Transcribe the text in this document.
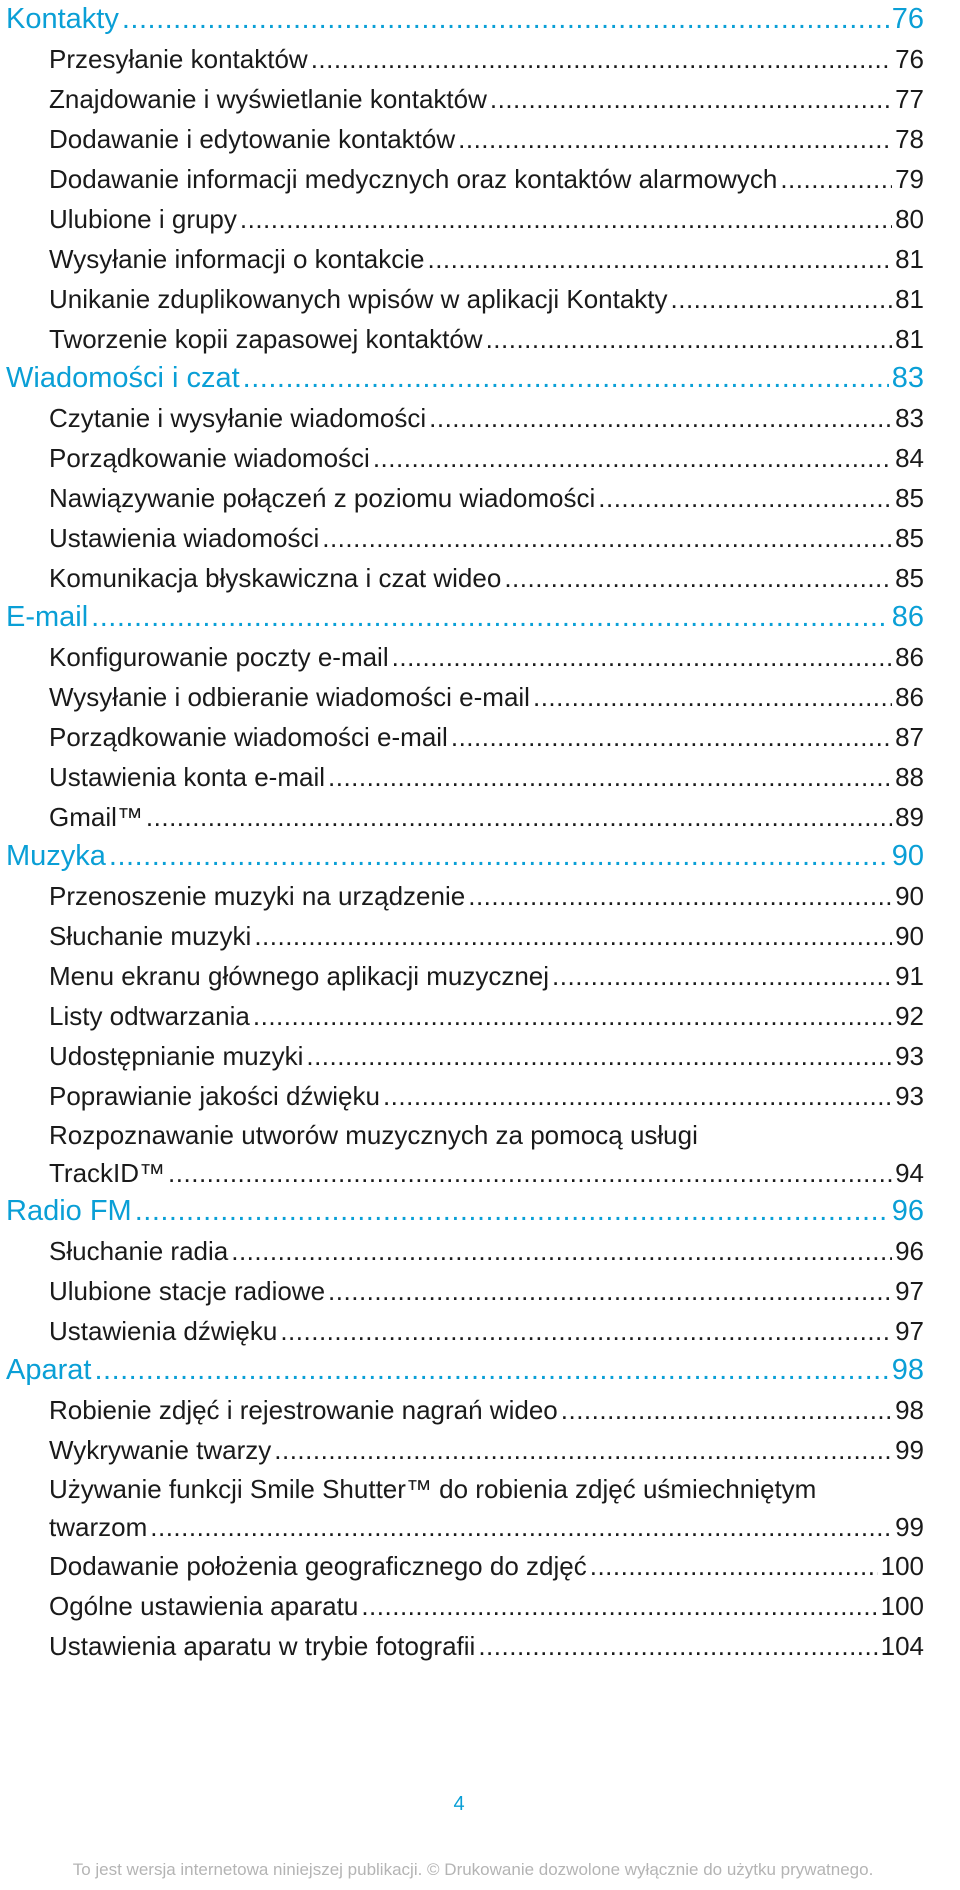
Kontakty .....	76
Przesyłanie kontaktów .....	76
Znajdowanie i wyświetlanie kontaktów .....	77
Dodawanie i edytowanie kontaktów .....	78
Dodawanie informacji medycznych oraz kontaktów alarmowych .....	79
Ulubione i grupy .....	80
Wysyłanie informacji o kontakcie .....	81
Unikanie zduplikowanych wpisów w aplikacji Kontakty .....	81
Tworzenie kopii zapasowej kontaktów .....	81
Wiadomości i czat .....	83
Czytanie i wysyłanie wiadomości .....	83
Porządkowanie wiadomości .....	84
Nawiązywanie połączeń z poziomu wiadomości .....	85
Ustawienia wiadomości .....	85
Komunikacja błyskawiczna i czat wideo .....	85
E-mail .....	86
Konfigurowanie poczty e-mail .....	86
Wysyłanie i odbieranie wiadomości e-mail .....	86
Porządkowanie wiadomości e-mail .....	87
Ustawienia konta e-mail .....	88
Gmail™ .....	89
Muzyka .....	90
Przenoszenie muzyki na urządzenie .....	90
Słuchanie muzyki .....	90
Menu ekranu głównego aplikacji muzycznej .....	91
Listy odtwarzania .....	92
Udostępnianie muzyki .....	93
Poprawianie jakości dźwięku .....	93
Rozpoznawanie utworów muzycznych za pomocą usługi
TrackID™ .....	94
Radio FM .....	96
Słuchanie radia .....	96
Ulubione stacje radiowe .....	97
Ustawienia dźwięku .....	97
Aparat .....	98
Robienie zdjęć i rejestrowanie nagrań wideo .....	98
Wykrywanie twarzy .....	99
Używanie funkcji Smile Shutter™ do robienia zdjęć uśmiechniętym
twarzom .....	99
Dodawanie położenia geograficznego do zdjęć .....	100
Ogólne ustawienia aparatu .....	100
Ustawienia aparatu w trybie fotografii .....	104
4
To jest wersja internetowa niniejszej publikacji. © Drukowanie dozwolone wyłącznie do użytku prywatnego.
